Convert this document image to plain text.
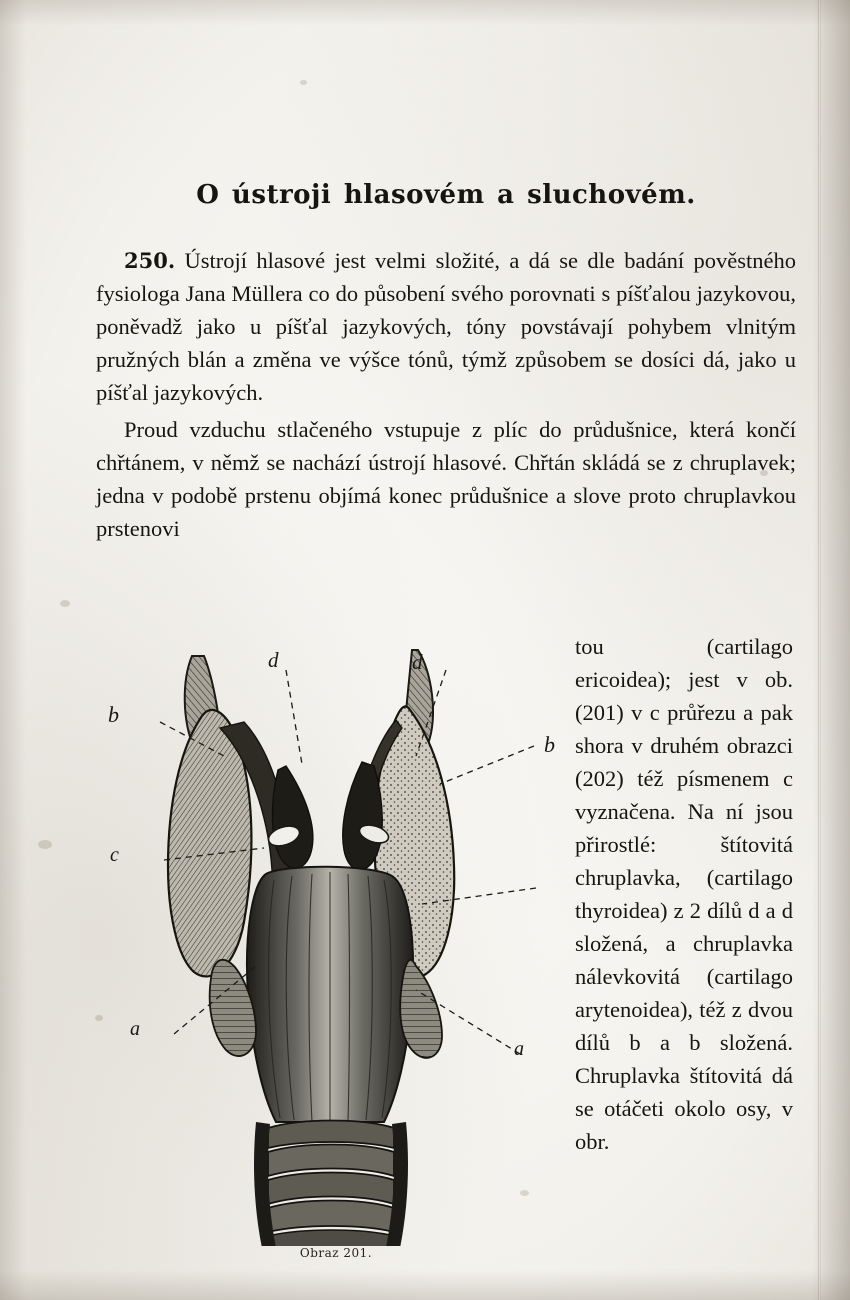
O ústroji hlasovém a sluchovém.

250. Ústrojí hlasové jest velmi složité, a dá se dle badání pověstného fysiologa Jana Müllera co do působení svého porovnati s píšťalou jazykovou, poněvadž jako u píšťal jazykových, tóny povstávají pohybem vlnitým pružných blán a změna ve výšce tónů, týmž způsobem se dosíci dá, jako u píšťal jazykových.

Proud vzduchu stlačeného vstupuje z plíc do průdušnice, která končí chřtánem, v němž se nachází ústrojí hlasové. Chřtán skládá se z chruplavek; jedna v podobě prstenu objímá konec průdušnice a slove proto chruplavkou prstenovi

b
d	d
b
c
a
a
Obraz 201.

tou (cartilago ericoidea); jest v ob. (201) v c průřezu a pak shora v druhém obrazci (202) též písmenem c vyznačena. Na ní jsou přirostlé: štítovitá chruplavka, (cartilago thyroidea) z 2 dílů d a d složená, a chruplavka nálevkovitá (cartilago arytenoidea), též z dvou dílů b a b složená. Chruplavka štítovitá dá se otáčeti okolo osy, v obr.
